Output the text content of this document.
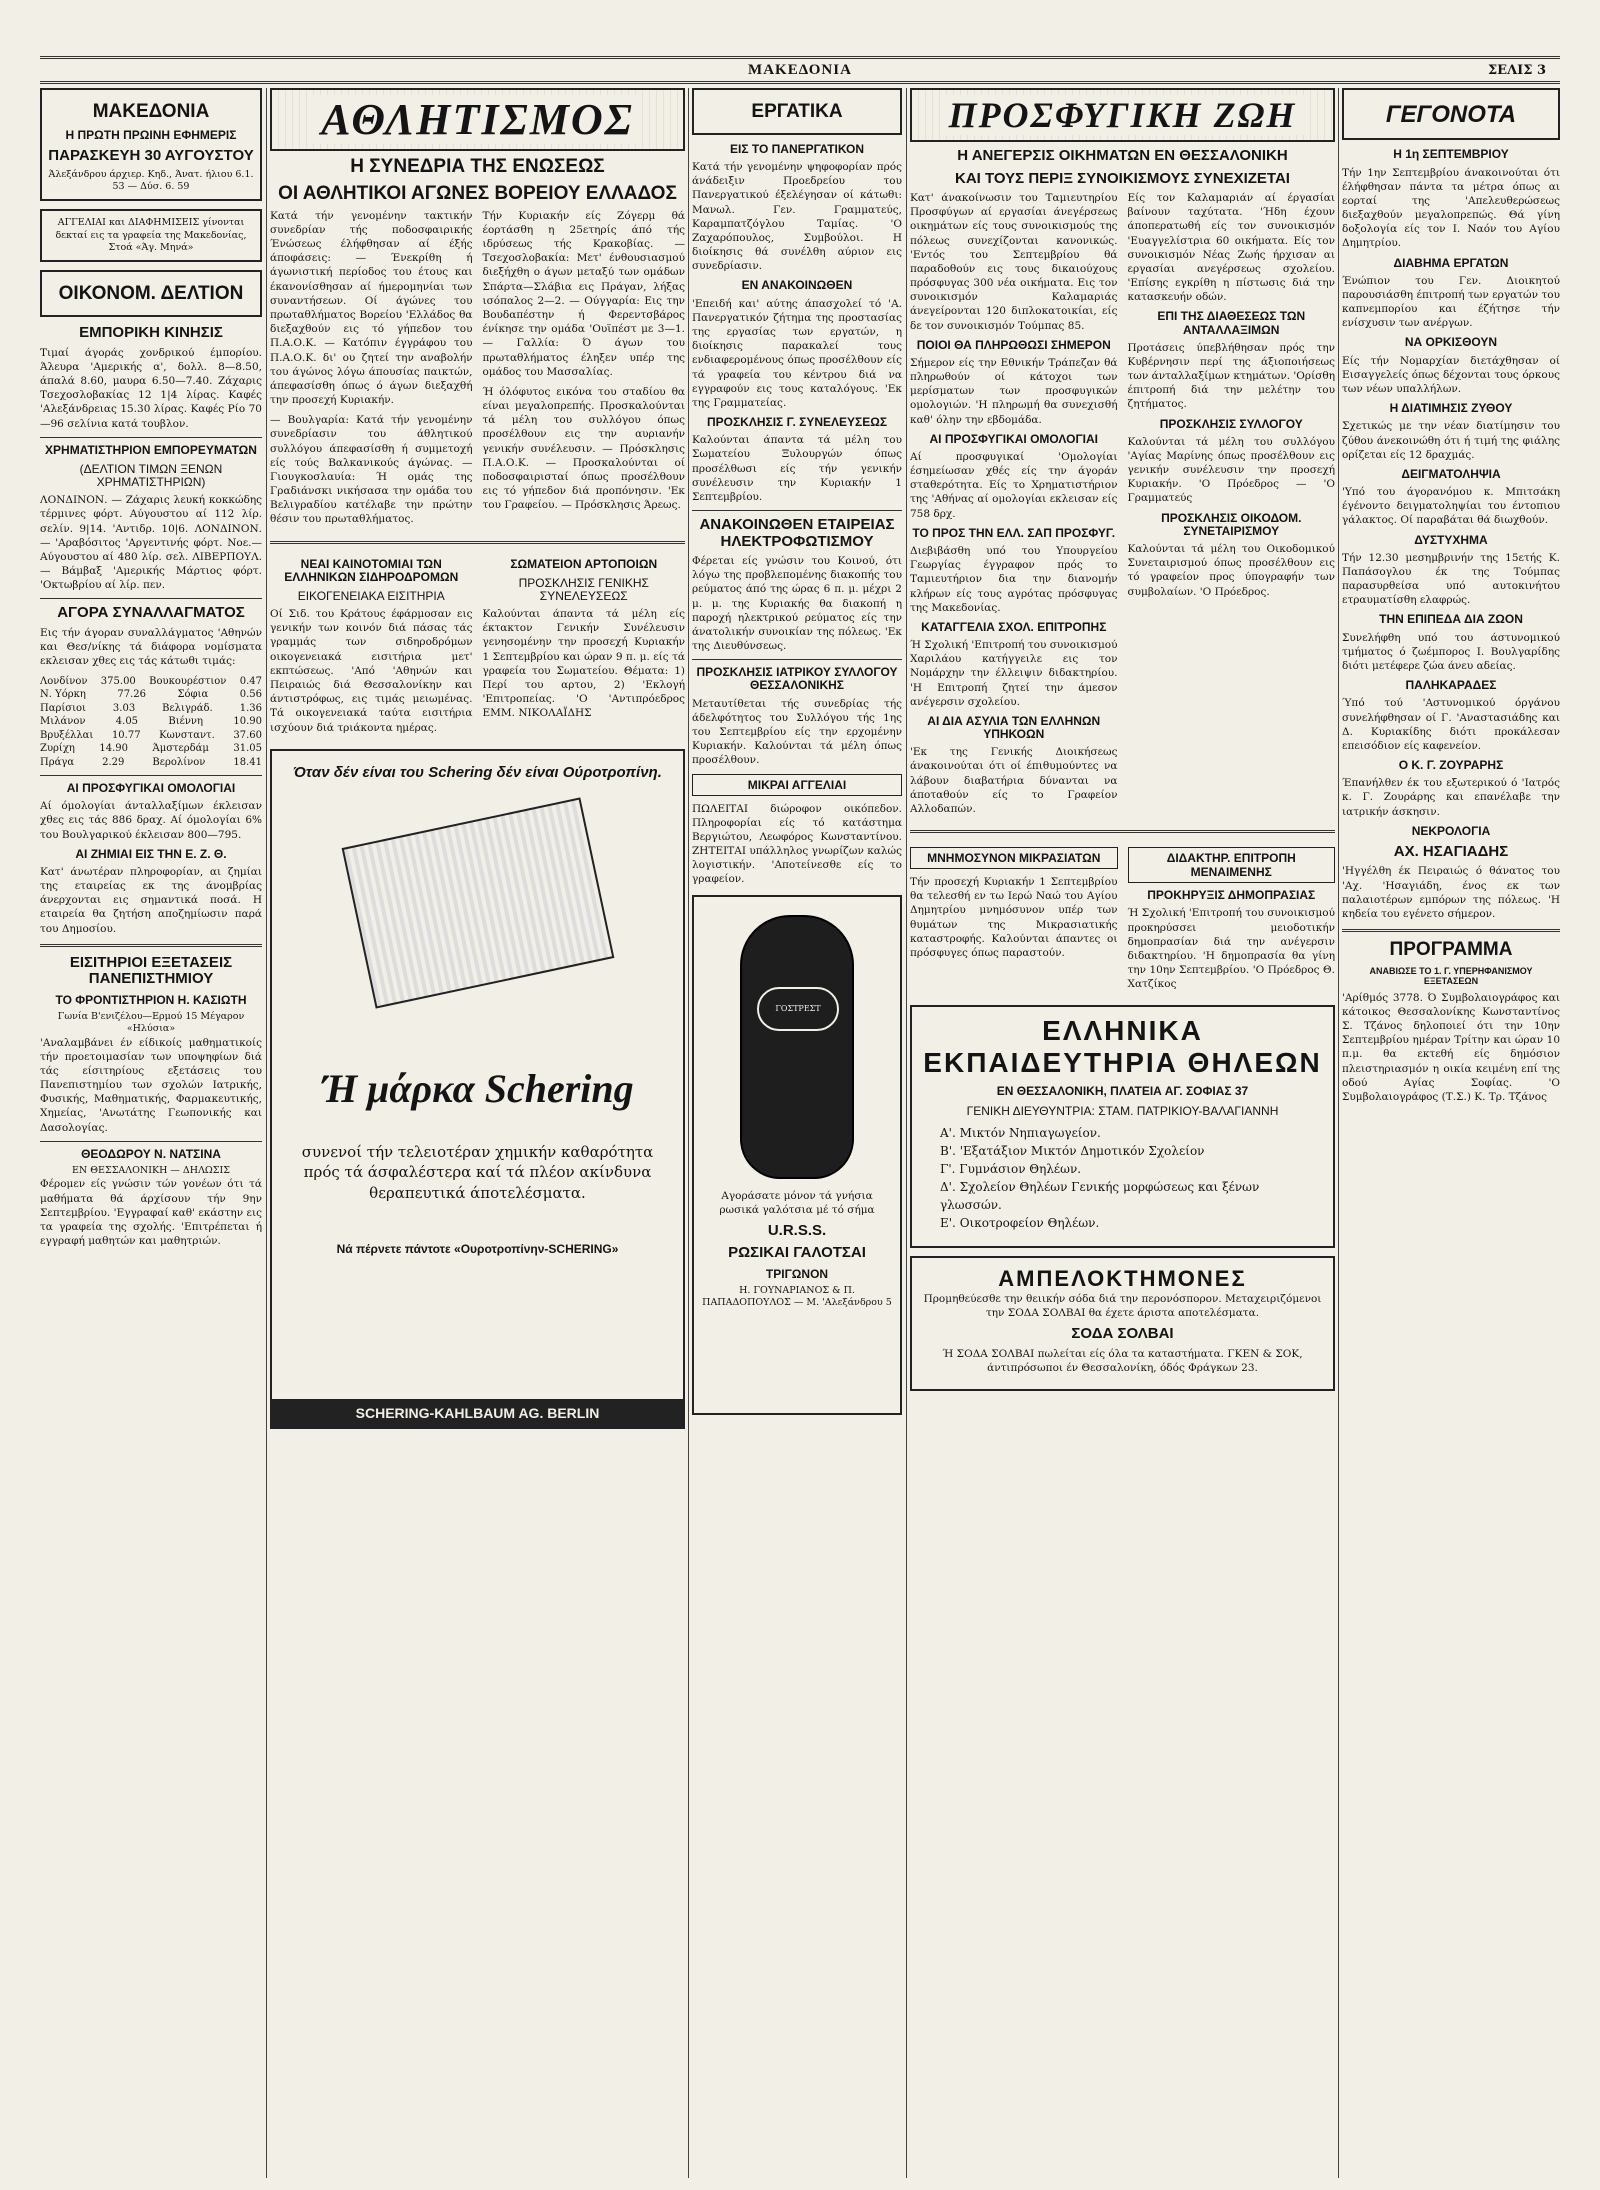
ΜΑΚΕΔΟΝΙΑ	ΣΕΛΙΣ 3
ΜΑΚΕΔΟΝΙΑ
Η ΠΡΩΤΗ ΠΡΩΙΝΗ ΕΦΗΜΕΡΙΣ
ΠΑΡΑΣΚΕΥΗ 30 ΑΥΓΟΥΣΤΟΥ
Άλεξάνδρου άρχιερ. Κηδ., Άνατ. ήλιου 6.1. 53 — Δύσ. 6. 59
ΑΓΓΕΛΙΑΙ και ΔΙΑΦΗΜΙΣΕΙΣ γίνονται δεκταί εις τα γραφεία της Μακεδονίας, Στοά «Άγ. Μηνά»
ΟΙΚΟΝΟΜ. ΔΕΛΤΙΟΝ
ΕΜΠΟΡΙΚΗ ΚΙΝΗΣΙΣ

Τιμαί άγοράς χονδρικού έμπορίου. Άλευρα 'Αμερικής α', δολλ. 8—8.50, άπαλά 8.60, μαυρα 6.50—7.40. Ζάχαρις Τσεχοσλοβακίας 12 1|4 λίρας. Καφές 'Αλεξάνδρειας 15.30 λίρας. Καφές Ρίο 70—96 σελίνια κατά τουβλον.

ΧΡΗΜΑΤΙΣΤΗΡΙΟΝ ΕΜΠΟΡΕΥΜΑΤΩΝ
(ΔΕΛΤΙΟΝ ΤΙΜΩΝ ΞΕΝΩΝ ΧΡΗΜΑΤΙΣΤΗΡΙΩΝ)

ΛΟΝΔΙΝΟΝ. — Ζάχαρις λευκή κοκκώδης τέρμινες φόρτ. Αύγουστου αί 112 λίρ. σελίν. 9|14. 'Αντιδρ. 10|6. ΛΟΝΔΙΝΟΝ. — 'Αραβόσιτος 'Αργεντινής φόρτ. Νοε.—Αύγουστου αί 480 λίρ. σελ. ΛΙΒΕΡΠΟΥΛ. — Βάμβαξ 'Αμερικής Μάρτιος φόρτ. 'Οκτωβρίου αί λίρ. πεν.

ΑΓΟΡΑ ΣΥΝΑΛΛΑΓΜΑΤΟΣ

Εις τήν άγοραν συναλλάγματος 'Αθηνών και Θεσ/νίκης τά διάφορα νομίσματα εκλεισαν χθες εις τάς κάτωθι τιμάς:

Λονδίνον 375.00 Βουκουρέστιον 0.47
Ν. Υόρκη	77.26	Σόφια	0.56
Παρίσιοι	3.03	Βελιγράδ.	1.36
Μιλάνον	4.05	Βιέννη	10.90
Βρυξέλλαι 10.77 Κωνσταντ. 37.60
Ζυρίχη 14.90 Άμστερδάμ 31.05
Πράγα	2.29	Βερολίνον	18.41
ΑΙ ΠΡΟΣΦΥΓΙΚΑΙ ΟΜΟΛΟΓΙΑΙ

Αί όμολογίαι άνταλλαξίμων έκλεισαν χθες εις τάς 886 δραχ. Αί όμολογίαι 6% του Βουλγαρικού έκλεισαν 800—795.

ΑΙ ΖΗΜΙΑΙ ΕΙΣ ΤΗΝ Ε. Ζ. Θ.

Κατ' άνωτέραν πληροφορίαν, αι ζημίαι της εταιρείας εκ της άνομβρίας άνερχονται εις σημαντικά ποσά. Η εταιρεία θα ζητήση αποζημίωσιν παρά του Δημοσίου.

ΕΙΣΙΤΗΡΙΟΙ ΕΞΕΤΑΣΕΙΣ ΠΑΝΕΠΙΣΤΗΜΙΟΥ
ΤΟ ΦΡΟΝΤΙΣΤΗΡΙΟΝ Η. ΚΑΣΙΩΤΗ
Γωνία Β'ενιζέλου—Ερμού 15 Μέγαρον «Ηλύσια»

'Αναλαμβάνει έν είδικοίς μαθηματικοίς τήν προετοιμασίαν των υποψηφίων διά τάς είσιτηρίους εξετάσεις του Πανεπιστημίου των σχολών Ιατρικής, Φυσικής, Μαθηματικής, Φαρμακευτικής, Χημείας, 'Ανωτάτης Γεωπονικής και Δασολογίας.

ΘΕΟΔΩΡΟΥ Ν. ΝΑΤΣΙΝΑ
ΕΝ ΘΕΣΣΑΛΟΝΙΚΗ — ΔΗΛΩΣΙΣ

Φέρομεν είς γνώσιν τών γονέων ότι τά μαθήματα θά άρχίσουν τήν 9ην Σεπτεμβρίου. 'Εγγραφαί καθ' εκάστην εις τα γραφεία της σχολής. 'Επιτρέπεται ή εγγραφή μαθητών και μαθητριών.

ΑΘΛΗΤΙΣΜΟΣ
Η ΣΥΝΕΔΡΙΑ ΤΗΣ ΕΝΩΣΕΩΣ
ΟΙ ΑΘΛΗΤΙΚΟΙ ΑΓΩΝΕΣ ΒΟΡΕΙΟΥ ΕΛΛΑΔΟΣ

Κατά τήν γενομένην τακτικήν συνεδρίαν τής ποδοσφαιρικής Ένώσεως έλήφθησαν αί έξής άποφάσεις: — Ένεκρίθη ή άγωνιστική περίοδος του έτους και έκανονίσθησαν αί ήμερομηνίαι των συναντήσεων. Οί άγώνες του πρωταθλήματος Βορείου 'Ελλάδος θα διεξαχθούν εις τό γήπεδον του Π.Α.Ο.Κ. — Κατόπιν έγγράφου του Π.Α.Ο.Κ. δι' ου ζητεί την αναβολήν του άγώνος λόγω άπουσίας παικτών, άπεφασίσθη όπως ό άγων διεξαχθή την προσεχή Κυριακήν.

— Βουλγαρία: Κατά τήν γενομένην συνεδρίασιν του άθλητικού συλλόγου άπεφασίσθη ή συμμετοχή είς τούς Βαλκανικούς άγώνας. — Γιουγκοσλαυία: Ή ομάς της Γραδιάνσκι νικήσασα την ομάδα του Βελιγραδίου κατέλαβε την πρώτην θέσιν του πρωταθλήματος.

Τήν Κυριακήν είς Ζόγερμ θά έορτάσθη η 25ετηρίς άπό τής ιδρύσεως τής Κρακοβίας. — Τσεχοσλοβακία: Μετ' ένθουσιασμού διεξήχθη ο άγων μεταξύ των ομάδων Σπάρτα—Σλάβια εις Πράγαν, λήξας ισόπαλος 2—2. — Ούγγαρία: Εις την Βουδαπέστην ή Φερεντσβάρος ένίκησε την ομάδα 'Ουϊπέστ με 3—1. — Γαλλία: Ό άγων του πρωταθλήματος έληξεν υπέρ της ομάδος του Μασσαλίας.

Ή όλόφυτος εικόνα του σταδίου θα είναι μεγαλοπρεπής. Προσκαλούνται τά μέλη του συλλόγου όπως προσέλθουν εις την αυριανήν γενικήν συνέλευσιν. — Πρόσκλησις Π.Α.Ο.Κ. — Προσκαλούνται οί ποδοσφαιρισταί όπως προσέλθουν εις τό γήπεδον διά προπόνησιν. 'Εκ του Γραφείου. — Πρόσκλησις Άρεως.

ΝΕΑΙ ΚΑΙΝΟΤΟΜΙΑΙ ΤΩΝ ΕΛΛΗΝΙΚΩΝ ΣΙΔΗΡΟΔΡΟΜΩΝ
ΕΙΚΟΓΕΝΕΙΑΚΑ ΕΙΣΙΤΗΡΙΑ

Οί Σιδ. του Κράτους έφάρμοσαν εις γενικήν των κοινόν διά πάσας τάς γραμμάς των σιδηροδρόμων οικογενειακά εισιτήρια μετ' εκπτώσεως. 'Από 'Αθηνών και Πειραιώς διά Θεσσαλονίκην και άντιστρόφως, εις τιμάς μειωμένας. Τά οικογενειακά ταύτα εισιτήρια ισχύουν διά τριάκοντα ημέρας.

ΣΩΜΑΤΕΙΟΝ ΑΡΤΟΠΟΙΩΝ
ΠΡΟΣΚΛΗΣΙΣ ΓΕΝΙΚΗΣ ΣΥΝΕΛΕΥΣΕΩΣ

Καλούνται άπαντα τά μέλη είς έκτακτον Γενικήν Συνέλευσιν γενησομένην την προσεχή Κυριακήν 1 Σεπτεμβρίου και ώραν 9 π. μ. είς τά γραφεία του Σωματείου. Θέματα: 1) Περί του αρτου, 2) 'Εκλογή 'Επιτροπείας. 'Ο 'Αντιπρόεδρος ΕΜΜ. ΝΙΚΟΛΑΪΔΗΣ

Όταν δέν είναι του Schering δέν είναι Ούροτροπίνη.
Ή μάρκα Schering

συνενοί τήν τελειοτέραν χημικήν καθαρότητα πρός τά άσφαλέστερα καί τά πλέον ακίνδυνα θεραπευτικά άποτελέσματα.

Νά πέρνετε πάντοτε «Ουροτροπίνην-SCHERING»
SCHERING-KAHLBAUM AG. BERLIN
ΕΡΓΑΤΙΚΑ
ΕΙΣ ΤΟ ΠΑΝΕΡΓΑΤΙΚΟΝ

Κατά τήν γενομένην ψηφοφορίαν πρός άνάδειξιν Προεδρείου του Πανεργατικού έξελέγησαν οί κάτωθι: Μανωλ. Γεν. Γραμματεύς, Καραμπατζόγλου Ταμίας. 'Ο Ζαχαρόπουλος, Συμβούλοι. Η διοίκησις θά συνέλθη αύριον εις συνεδρίασιν.

ΕΝ ΑΝΑΚΟΙΝΩΘΕΝ

'Επειδή και' αύτης άπασχολεί τό 'Α. Πανεργατικόν ζήτημα της προστασίας της εργασίας των εργατών, η διοίκησις παρακαλεί τους ενδιαφερομένους όπως προσέλθουν είς τά γραφεία του κέντρου διά να εγγραφούν εις τους καταλόγους. 'Εκ της Γραμματείας.

ΠΡΟΣΚΛΗΣΙΣ Γ. ΣΥΝΕΛΕΥΣΕΩΣ

Καλούνται άπαντα τά μέλη του Σωματείου Ξυλουργών όπως προσέλθωσι είς τήν γενικήν συνέλευσιν την Κυριακήν 1 Σεπτεμβρίου.

ΑΝΑΚΟΙΝΩΘΕΝ ΕΤΑΙΡΕΙΑΣ ΗΛΕΚΤΡΟΦΩΤΙΣΜΟΥ

Φέρεται είς γνώσιν του Κοινού, ότι λόγω της προβλεπομένης διακοπής του ρεύματος άπό της ώρας 6 π. μ. μέχρι 2 μ. μ. της Κυριακής θα διακοπή η παροχή ηλεκτρικού ρεύματος είς την άνατολικήν συνοικίαν της πόλεως. 'Εκ της Διευθύνσεως.

ΠΡΟΣΚΛΗΣΙΣ ΙΑΤΡΙΚΟΥ ΣΥΛΛΟΓΟΥ ΘΕΣΣΑΛΟΝΙΚΗΣ

Μεταυτίθεται τής συνεδρίας τής άδελφότητος του Συλλόγου τής 1ης του Σεπτεμβρίου είς την ερχομένην Κυριακήν. Καλούνται τά μέλη όπως προσέλθουν.

ΜΙΚΡΑΙ ΑΓΓΕΛΙΑΙ

ΠΩΛΕΙΤΑΙ διώροφον οικόπεδον. Πληροφορίαι είς τό κατάστημα Βεργιώτου, Λεωφόρος Κωνσταντίνου. ΖΗΤΕΙΤΑΙ υπάλληλος γνωρίζων καλώς λογιστικήν. 'Αποτείνεσθε είς το γραφείον.

ΓΟΣΤΡΕΣΤ

Αγοράσατε μόνον τά γνήσια ρωσικά γαλότσια μέ τό σήμα

U.R.S.S.
ΡΩΣΙΚΑΙ ΓΑΛΟΤΣΑΙ
ΤΡΙΓΩΝΟΝ
Η. ΓΟΥΝΑΡΙΑΝΟΣ & Π. ΠΑΠΑΔΟΠΟΥΛΟΣ — Μ. 'Αλεξάνδρου 5
ΠΡΟΣΦΥΓΙΚΗ ΖΩΗ
Η ΑΝΕΓΕΡΣΙΣ ΟΙΚΗΜΑΤΩΝ ΕΝ ΘΕΣΣΑΛΟΝΙΚΗ
ΚΑΙ ΤΟΥΣ ΠΕΡΙΞ ΣΥΝΟΙΚΙΣΜΟΥΣ ΣΥΝΕΧΙΖΕΤΑΙ

Κατ' άνακοίνωσιν του Ταμιευτηρίου Προσφύγων αί εργασίαι άνεγέρσεως οικημάτων είς τους συνοικισμούς της πόλεως συνεχίζονται κανονικώς. 'Εντός του Σεπτεμβρίου θά παραδοθούν εις τους δικαιούχους πρόσφυγας 300 νέα οικήματα. Εις τον συνοικισμόν Καλαμαριάς άνεγείρονται 120 διπλοκατοικίαι, είς δε τον συνοικισμόν Τούμπας 85.

ΠΟΙΟΙ ΘΑ ΠΛΗΡΩΘΩΣΙ ΣΗΜΕΡΟΝ

Σήμερον είς την Εθνικήν Τράπεζαν θά πληρωθούν οί κάτοχοι των μερίσματων των προσφυγικών ομολογιών. 'Η πληρωμή θα συνεχισθή καθ' όλην την εβδομάδα.

ΑΙ ΠΡΟΣΦΥΓΙΚΑΙ ΟΜΟΛΟΓΙΑΙ

Αί προσφυγικαί 'Ομολογίαι έσημείωσαν χθές είς την άγοράν σταθερότητα. Είς το Χρηματιστήριον της 'Αθήνας αί ομολογίαι εκλεισαν είς 758 δρχ.

ΤΟ ΠΡΟΣ ΤΗΝ ΕΛΛ. ΣΑΠ ΠΡΟΣΦΥΓ.

Διεβιβάσθη υπό του Υπουργείου Γεωργίας έγγραφον πρός το Ταμιευτήριον δια την διανομήν κλήρων είς τους αγρότας πρόσφυγας της Μακεδονίας.

ΚΑΤΑΓΓΕΛΙΑ ΣΧΟΛ. ΕΠΙΤΡΟΠΗΣ

Ή Σχολική 'Επιτροπή του συνοικισμού Χαριλάου κατήγγειλε εις τον Νομάρχην την έλλειψιν διδακτηρίου. 'Η Επιτροπή ζητεί την άμεσον ανέγερσιν σχολείου.

ΑΙ ΔΙΑ ΑΣΥΛΙΑ ΤΩΝ ΕΛΛΗΝΩΝ ΥΠΗΚΟΩΝ

'Εκ της Γενικής Διοικήσεως άνακοινούται ότι οί έπιθυμούντες να λάβουν διαβατήρια δύνανται να άποταθούν είς το Γραφείον Αλλοδαπών.

Είς τον Καλαμαριάν αί έργασίαι βαίνουν ταχύτατα. 'Ήδη έχουν άποπερατωθή είς τον συνοικισμόν 'Ευαγγελίστρια 60 οικήματα. Είς τον συνοικισμόν Νέας Ζωής ήρχισαν αι εργασίαι ανεγέρσεως σχολείου. 'Επίσης εγκρίθη η πίστωσις διά την κατασκευήν οδών.

ΕΠΙ ΤΗΣ ΔΙΑΘΕΣΕΩΣ ΤΩΝ ΑΝΤΑΛΛΑΞΙΜΩΝ

Προτάσεις ύπεβλήθησαν πρός την Κυβέρνησιν περί της άξιοποιήσεως των άνταλλαξίμων κτημάτων. 'Ορίσθη έπιτροπή διά την μελέτην του ζητήματος.

ΠΡΟΣΚΛΗΣΙΣ ΣΥΛΛΟΓΟΥ

Καλούνται τά μέλη του συλλόγου 'Αγίας Μαρίνης όπως προσέλθουν εις γενικήν συνέλευσιν την προσεχή Κυριακήν. 'Ο Πρόεδρος — 'Ο Γραμματεύς

ΠΡΟΣΚΛΗΣΙΣ ΟΙΚΟΔΟΜ. ΣΥΝΕΤΑΙΡΙΣΜΟΥ

Καλούνται τά μέλη του Οικοδομικού Συνεταιρισμού όπως προσέλθουν εις τό γραφείον προς ύπογραφήν των συμβολαίων. 'Ο Πρόεδρος.

ΜΝΗΜΟΣΥΝΟΝ ΜΙΚΡΑΣΙΑΤΩΝ

Τήν προσεχή Κυριακήν 1 Σεπτεμβρίου θα τελεσθή εν τω Ιερώ Ναώ του Αγίου Δημητρίου μνημόσυνον υπέρ των θυμάτων της Μικρασιατικής καταστροφής. Καλούνται άπαντες οι πρόσφυγες όπως παραστούν.

ΔΙΔΑΚΤΗΡ. ΕΠΙΤΡΟΠΗ ΜΕΝΑΙΜΕΝΗΣ
ΠΡΟΚΗΡΥΞΙΣ ΔΗΜΟΠΡΑΣΙΑΣ

Ή Σχολική 'Επιτροπή του συνοικισμού προκηρύσσει μειοδοτικήν δημοπρασίαν διά την ανέγερσιν διδακτηρίου. 'Η δημοπρασία θα γίνη την 10ην Σεπτεμβρίου. 'Ο Πρόεδρος Θ. Χατζίκος

ΕΛΛΗΝΙΚΑ ΕΚΠΑΙΔΕΥΤΗΡΙΑ ΘΗΛΕΩΝ
ΕΝ ΘΕΣΣΑΛΟΝΙΚΗ, ΠΛΑΤΕΙΑ ΑΓ. ΣΟΦΙΑΣ 37
ΓΕΝΙΚΗ ΔΙΕΥΘΥΝΤΡΙΑ: ΣΤΑΜ. ΠΑΤΡΙΚΙΟΥ-ΒΑΛΑΓΙΑΝΝΗ
Α'. Μικτόν Νηπιαγωγείον.
Β'. 'Εξατάξιον Μικτόν Δημοτικόν Σχολείον
Γ'. Γυμνάσιον Θηλέων.
Δ'. Σχολείον Θηλέων Γενικής μορφώσεως και ξένων γλωσσών.
Ε'. Οικοτροφείον Θηλέων.
ΑΜΠΕΛΟΚΤΗΜΟΝΕΣ

Προμηθεύεσθε την θειικήν σόδα διά την περονόσπορον. Μεταχειριζόμενοι την ΣΟΔΑ ΣΟΛΒΑΙ θα έχετε άριστα αποτελέσματα.

ΣΟΔΑ ΣΟΛΒΑΙ

Ή ΣΟΔΑ ΣΟΛΒΑΙ πωλείται είς όλα τα καταστήματα. ΓΚΕΝ & ΣΟΚ, άντιπρόσωποι έν Θεσσαλονίκη, όδός Φράγκων 23.

ΓΕΓΟΝΟΤΑ
Η 1η ΣΕΠΤΕΜΒΡΙΟΥ

Τήν 1ην Σεπτεμβρίου άνακοινούται ότι έλήφθησαν πάντα τα μέτρα όπως αι εορταί της 'Απελευθερώσεως διεξαχθούν μεγαλοπρεπώς. Θά γίνη δοξολογία είς τον Ι. Ναόν του Αγίου Δημητρίου.

ΔΙΑΒΗΜΑ ΕΡΓΑΤΩΝ

Ένώπιον του Γεν. Διοικητού παρουσιάσθη έπιτροπή των εργατών του καπνεμπορίου και έζήτησε τήν ενίσχυσιν των ανέργων.

ΝΑ ΟΡΚΙΣΘΟΥΝ

Είς τήν Νομαρχίαν διετάχθησαν οί Εισαγγελείς όπως δέχονται τους όρκους των νέων υπαλλήλων.

Η ΔΙΑΤΙΜΗΣΙΣ ΖΥΘΟΥ

Σχετικώς με την νέαν διατίμησιν του ζύθου άνεκοινώθη ότι ή τιμή της φιάλης ορίζεται είς 12 δραχμάς.

ΔΕΙΓΜΑΤΟΛΗΨΙΑ

'Υπό του άγορανόμου κ. Μπιτσάκη έγένοντο δειγματοληψίαι του έντοπιου γάλακτος. Οί παραβάται θά διωχθούν.

ΔΥΣΤΥΧΗΜΑ

Τήν 12.30 μεσημβρινήν της 15ετής Κ. Παπάσογλου έκ της Τούμπας παρασυρθείσα υπό αυτοκινήτου ετραυματίσθη ελαφρώς.

ΤΗΝ ΕΠΙΠΕΔΑ ΔΙΑ ΖΩΟΝ

Συνελήφθη υπό του άστυνομικού τμήματος ό ζωέμπορος Ι. Βουλγαρίδης διότι μετέφερε ζώα άνευ αδείας.

ΠΑΛΗΚΑΡΑΔΕΣ

Ύπό τού 'Αστυνομικού όργάνου συνελήφθησαν οί Γ. 'Αναστασιάδης και Δ. Κυριακίδης διότι προκάλεσαν επεισόδιον είς καφενείον.

Ο Κ. Γ. ΖΟΥΡΑΡΗΣ

Έπανήλθεν έκ του εξωτερικού ό 'Ιατρός κ. Γ. Ζουράρης και επανέλαβε την ιατρικήν άσκησιν.

ΝΕΚΡΟΛΟΓΙΑ
ΑΧ. ΗΣΑΓΙΑΔΗΣ

'Ηγγέλθη έκ Πειραιώς ό θάνατος του 'Αχ. 'Ησαγιάδη, ένος εκ των παλαιοτέρων εμπόρων της πόλεως. 'Η κηδεία του εγένετο σήμερον.

ΠΡΟΓΡΑΜΜΑ
ΑΝΑΒΙΩΣΕ ΤΟ 1. Γ. ΥΠΕΡΗΦΑΝΙΣΜΟΥ ΕΞΕΤΑΣΕΩΝ

'Αρίθμός 3778. Ό Συμβολαιογράφος και κάτοικος Θεσσαλονίκης Κωνσταντίνος Σ. Τζάνος δηλοποιεί ότι την 10ην Σεπτεμβρίου ημέραν Τρίτην και ώραν 10 π.μ. θα εκτεθή είς δημόσιον πλειστηριασμόν η οικία κειμένη επί της οδού Αγίας Σοφίας. 'Ο Συμβολαιογράφος (Τ.Σ.) Κ. Τρ. Τζάνος
